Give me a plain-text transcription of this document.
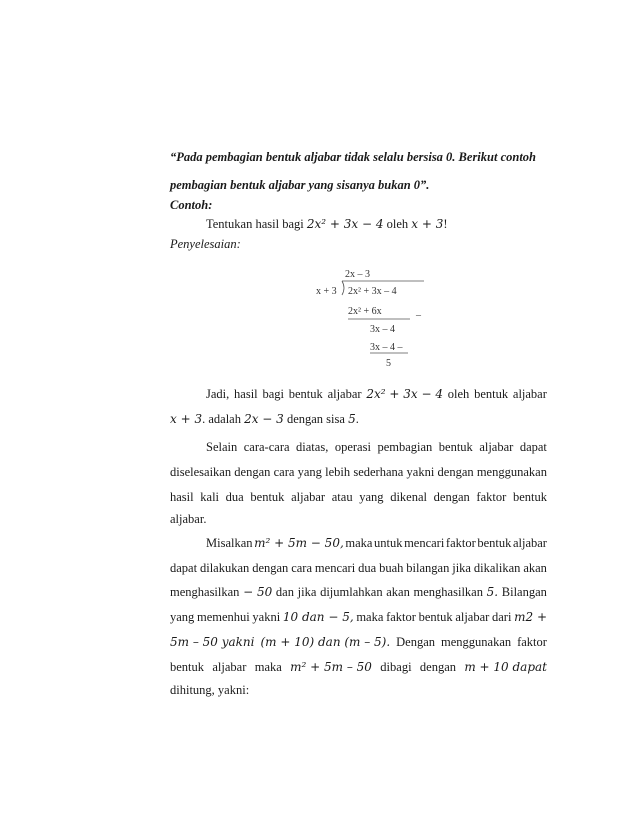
“Pada pembagian bentuk aljabar tidak selalu bersisa 0. Berikut contoh
pembagian bentuk aljabar yang sisanya bukan 0”.
Contoh:
Tentukan hasil bagi 2x² + 3x − 4 oleh x + 3!
Penyelesaian:
2x – 3
x + 3 2x² + 3x – 4
2x² + 6x	–
3x – 4
3x – 4 –
5
Jadi, hasil bagi bentuk aljabar 2x² + 3x − 4 oleh bentuk aljabar
x + 3. adalah 2x − 3 dengan sisa 5.
Selain cara-cara diatas, operasi pembagian bentuk aljabar dapat
diselesaikan dengan cara yang lebih sederhana yakni dengan menggunakan
hasil kali dua bentuk aljabar atau yang dikenal dengan faktor bentuk
aljabar.
Misalkan m² + 5m − 50, maka untuk mencari faktor bentuk aljabar
dapat dilakukan dengan cara mencari dua buah bilangan jika dikalikan akan
menghasilkan − 50 dan jika dijumlahkan akan menghasilkan 5. Bilangan
yang memenhui yakni 10 dan − 5, maka faktor bentuk aljabar dari m2 +
5m – 50 yakni (m + 10) dan (m – 5). Dengan menggunakan faktor
bentuk aljabar maka m² + 5m – 50 dibagi dengan m + 10 dapat
dihitung, yakni:
